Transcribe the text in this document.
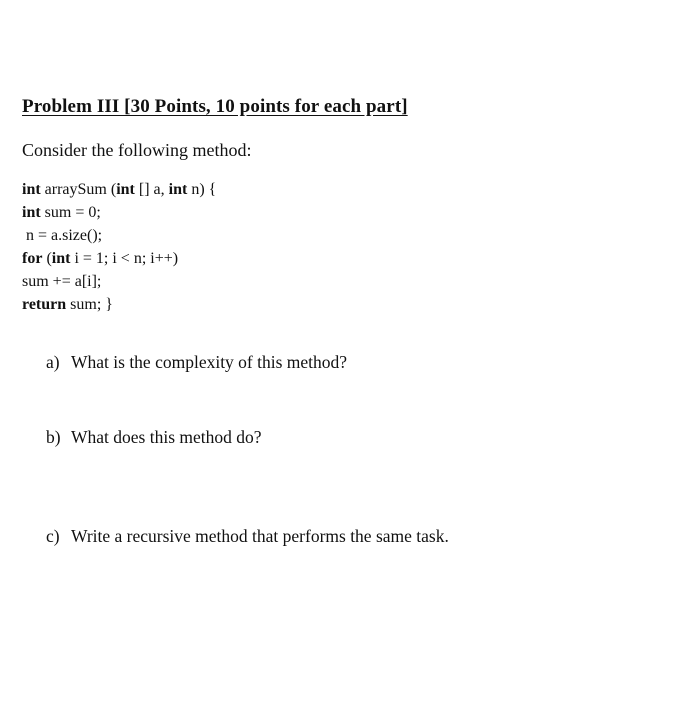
Problem III [30 Points, 10 points for each part]
Consider the following method:
int arraySum (int [] a, int n) {
int sum = 0;
n = a.size();
for (int i = 1; i < n; i++)
sum += a[i];
return sum; }
a) What is the complexity of this method?
b) What does this method do?
c) Write a recursive method that performs the same task.
